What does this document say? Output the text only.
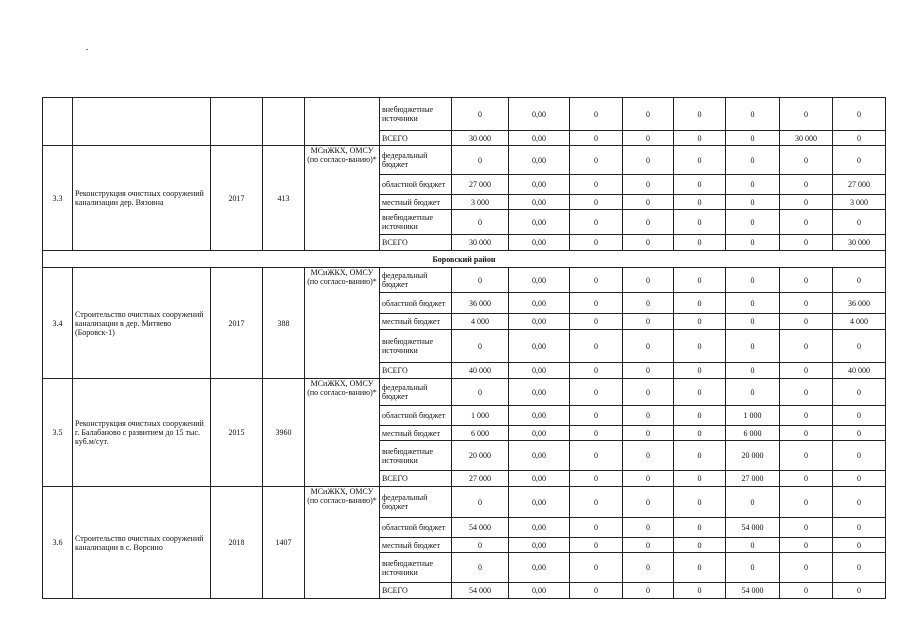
					внебюджетные источники	0	0,00	0	0	0	0	0	0
					ВСЕГО	30 000	0,00	0	0	0	0	30 000	0
3.3	Реконструкция очистных сооружений канализации дер. Вязовна	2017	413	МСиЖКХ, ОМСУ (по согласо-ванию)*	федеральный бюджет	0	0,00	0	0	0	0	0	0
					областной бюджет	27 000	0,00	0	0	0	0	0	27 000
					местный бюджет	3 000	0,00	0	0	0	0	0	3 000
					внебюджетные источники	0	0,00	0	0	0	0	0	0
					ВСЕГО	30 000	0,00	0	0	0	0	0	30 000
Боровский район													
3.4	Строительство очистных сооружений канализации в дер. Митяево (Боровск-1)	2017	388	МСиЖКХ, ОМСУ (по согласо-ванию)*	федеральный бюджет	0	0,00	0	0	0	0	0	0
					областной бюджет	36 000	0,00	0	0	0	0	0	36 000
					местный бюджет	4 000	0,00	0	0	0	0	0	4 000
					внебюджетные источники	0	0,00	0	0	0	0	0	0
					ВСЕГО	40 000	0,00	0	0	0	0	0	40 000
3.5	Реконструкция очистных сооружений г. Балабаново с развитием до 15 тыс. куб.м/сут.	2015	3960	МСиЖКХ, ОМСУ (по согласо-ванию)*	федеральный бюджет	0	0,00	0	0	0	0	0	0
					областной бюджет	1 000	0,00	0	0	0	1 000	0	0
					местный бюджет	6 000	0,00	0	0	0	6 000	0	0
					внебюджетные источники	20 000	0,00	0	0	0	20 000	0	0
					ВСЕГО	27 000	0,00	0	0	0	27 000	0	0
3.6	Строительство очистных сооружений канализации в с. Ворсино	2018	1407	МСиЖКХ, ОМСУ (по согласо-ванию)*	федеральный бюджет	0	0,00	0	0	0	0	0	0
					областной бюджет	54 000	0,00	0	0	0	54 000	0	0
					местный бюджет	0	0,00	0	0	0	0	0	0
					внебюджетные источники	0	0,00	0	0	0	0	0	0
					ВСЕГО	54 000	0,00	0	0	0	54 000	0	0
